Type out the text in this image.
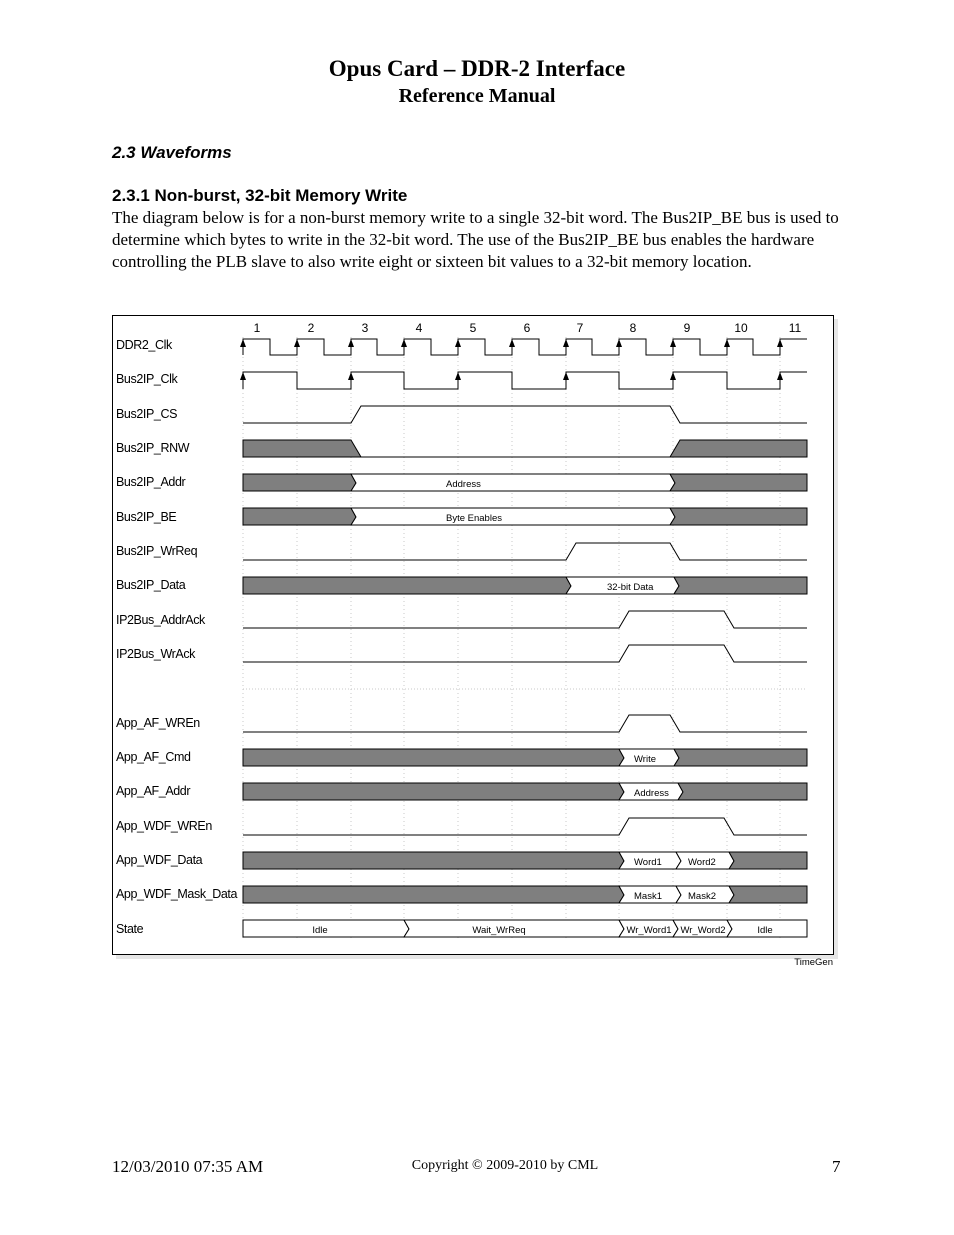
Opus Card – DDR-2 Interface
Reference Manual
2.3 Waveforms
2.3.1 Non-burst, 32-bit Memory Write

The diagram below is for a non-burst memory write to a single 32-bit word. The Bus2IP_BE bus is used to determine which bytes to write in the 32-bit word. The use of the Bus2IP_BE bus enables the hardware controlling the PLB slave to also write eight or sixteen bit values to a 32-bit memory location.

1	2	3	4	5	6	7	8	9	10	11
DDR2_Clk
Bus2IP_Clk
Bus2IP_CS
Bus2IP_RNW
Bus2IP_Addr
Bus2IP_BE
Bus2IP_WrReq
Bus2IP_Data
IP2Bus_AddrAck
IP2Bus_WrAck
App_AF_WREn
App_AF_Cmd
App_AF_Addr
App_WDF_WREn
App_WDF_Data
App_WDF_Mask_Data
State
Address
Byte Enables
32-bit Data
Write
Address
Word1	Word2
Mask1	Mask2
Idle	Wait_WrReq	Wr_Word1 Wr_Word2	Idle
TimeGen
12/03/2010 07:35 AM	Copyright © 2009-2010 by CML	7
